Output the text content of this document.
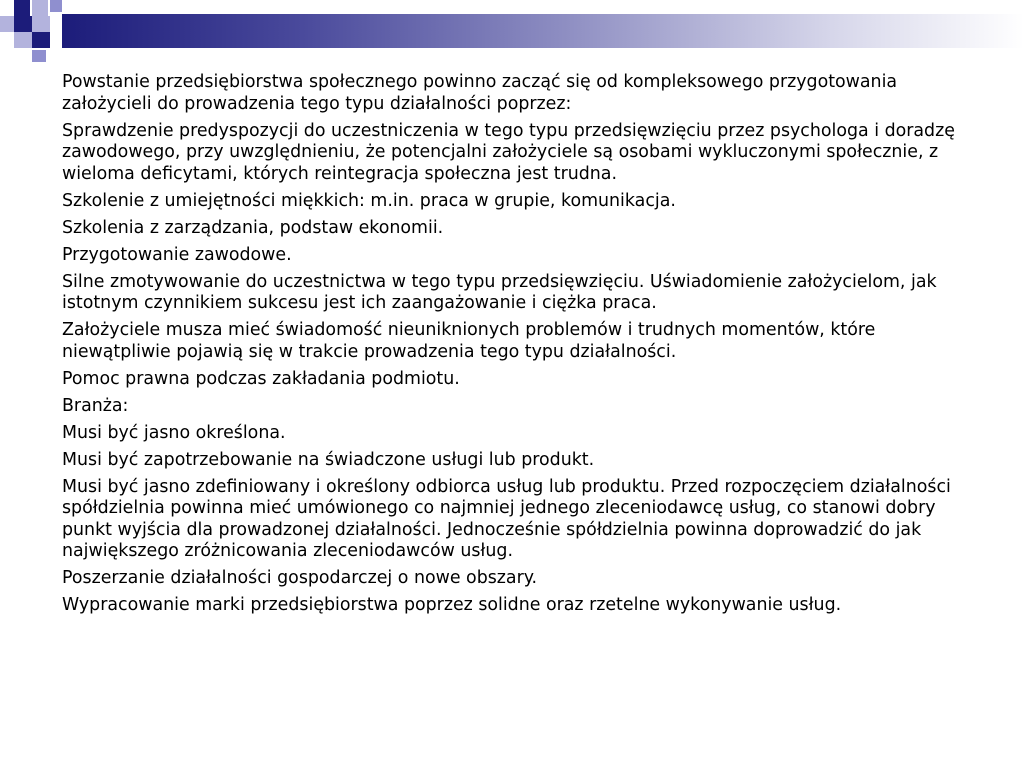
Powstanie przedsiębiorstwa społecznego powinno zacząć się od kompleksowego przygotowania założycieli do prowadzenia tego typu działalności poprzez:

Sprawdzenie predyspozycji do uczestniczenia w tego typu przedsięwzięciu przez psychologa i doradzę zawodowego, przy uwzględnieniu, że potencjalni założyciele są osobami wykluczonymi społecznie, z wieloma deficytami, których reintegracja społeczna jest trudna.

Szkolenie z umiejętności miękkich: m.in. praca w grupie, komunikacja.

Szkolenia z zarządzania, podstaw ekonomii.

Przygotowanie zawodowe.

Silne zmotywowanie do uczestnictwa w tego typu przedsięwzięciu. Uświadomienie założycielom, jak istotnym czynnikiem sukcesu jest ich zaangażowanie i ciężka praca.

Założyciele musza mieć świadomość nieuniknionych problemów i trudnych momentów, które niewątpliwie pojawią się w trakcie prowadzenia tego typu działalności.

Pomoc prawna podczas zakładania podmiotu.

Branża:

Musi być jasno określona.

Musi być zapotrzebowanie na świadczone usługi lub produkt.

Musi być jasno zdefiniowany i określony odbiorca usług lub produktu. Przed rozpoczęciem działalności spółdzielnia powinna mieć umówionego co najmniej jednego zleceniodawcę usług, co stanowi dobry punkt wyjścia dla prowadzonej działalności. Jednocześnie spółdzielnia powinna doprowadzić do jak największego zróżnicowania zleceniodawców usług.

Poszerzanie działalności gospodarczej o nowe obszary.

Wypracowanie marki przedsiębiorstwa poprzez solidne oraz rzetelne wykonywanie usług.
